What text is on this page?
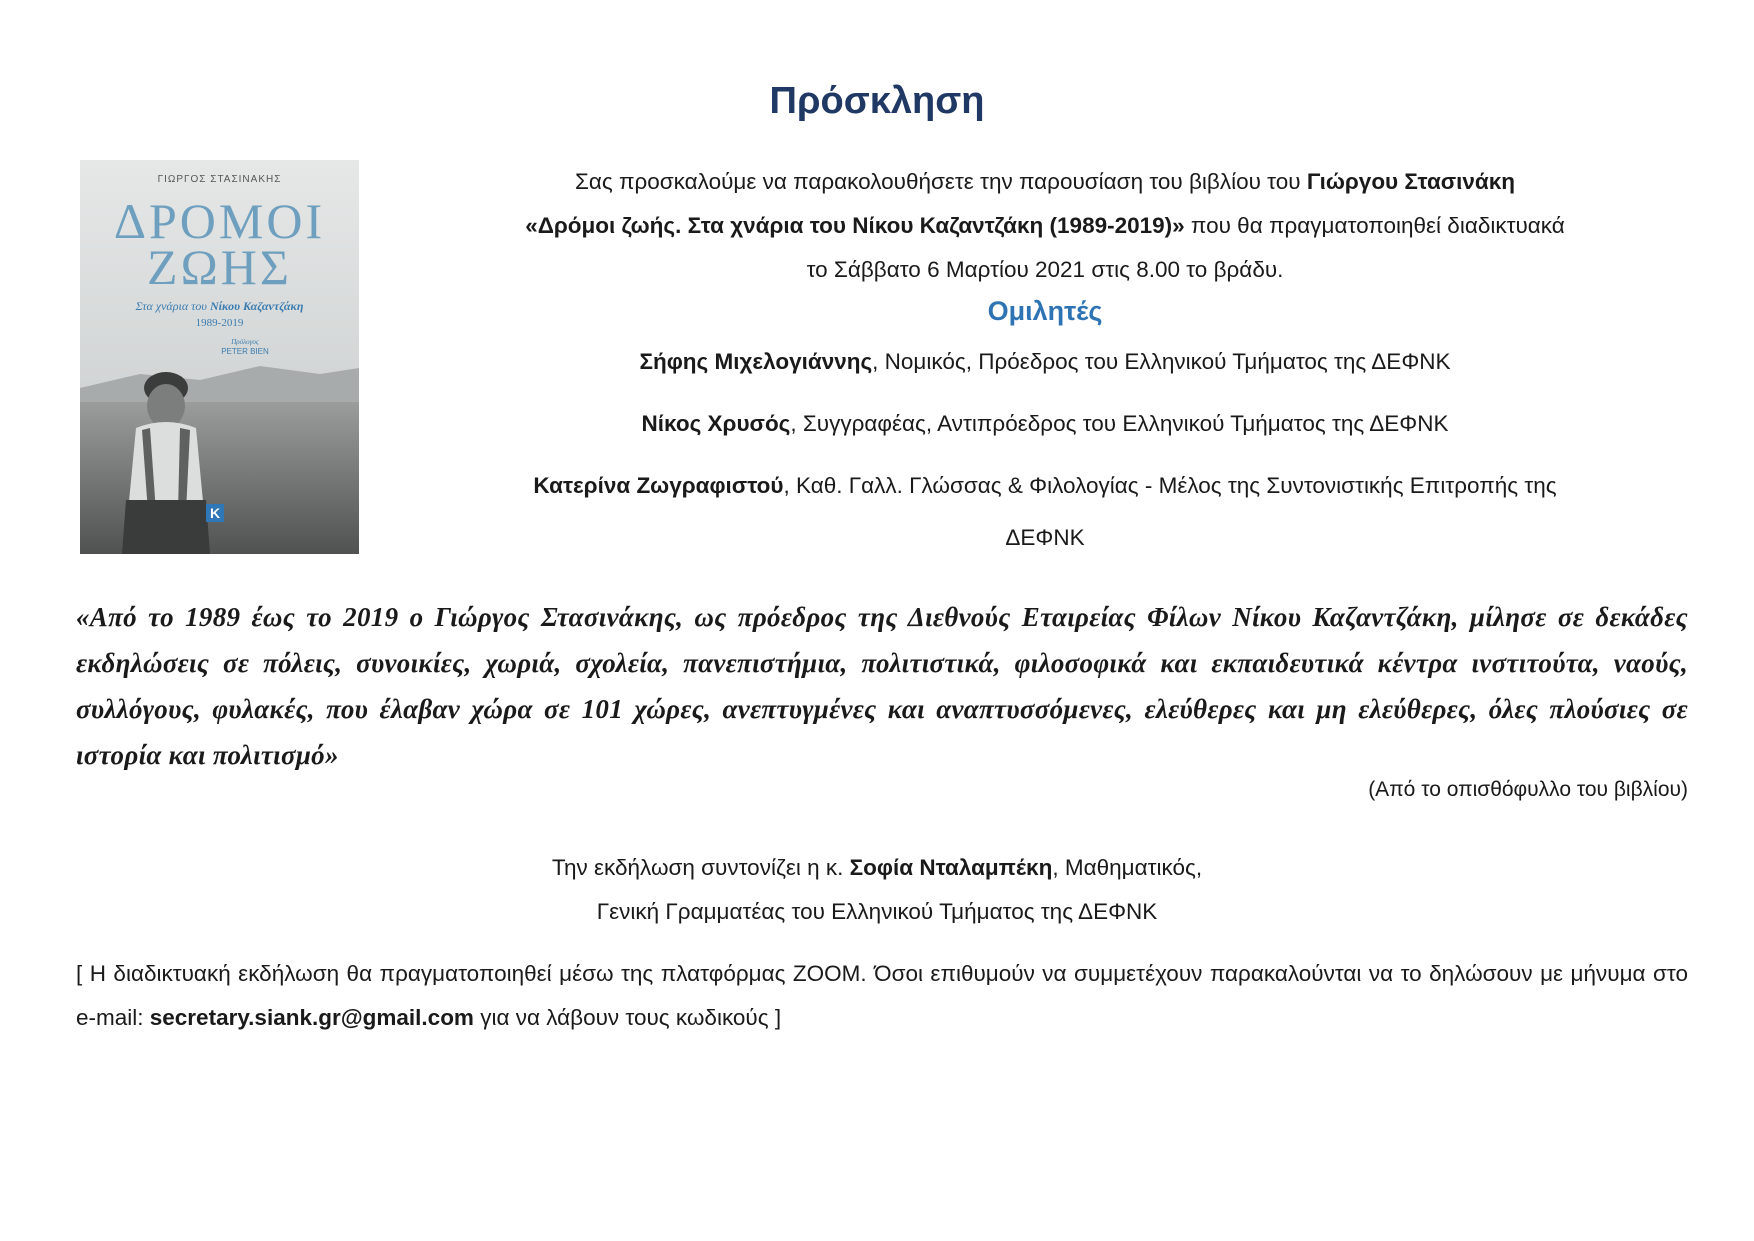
Πρόσκληση
ΓΙΩΡΓΟΣ ΣΤΑΣΙΝΑΚΗΣ
ΔΡΟΜΟΙ
ΖΩΗΣ
Στα χνάρια του Νίκου Καζαντζάκη
1989-2019
Πρόλογος
PETER BIEN
K
Σας προσκαλούμε να παρακολουθήσετε την παρουσίαση του βιβλίου του Γιώργου Στασινάκη
«Δρόμοι ζωής. Στα χνάρια του Νίκου Καζαντζάκη (1989-2019)» που θα πραγματοποιηθεί διαδικτυακά
το Σάββατο 6 Μαρτίου 2021 στις 8.00 το βράδυ.
Ομιλητές
Σήφης Μιχελογιάννης, Νομικός, Πρόεδρος του Ελληνικού Τμήματος της ΔΕΦΝΚ
Νίκος Χρυσός, Συγγραφέας, Αντιπρόεδρος του Ελληνικού Τμήματος της ΔΕΦΝΚ
Κατερίνα Ζωγραφιστού, Καθ. Γαλλ. Γλώσσας & Φιλολογίας - Μέλος της Συντονιστικής Επιτροπής της
ΔΕΦΝΚ
«Από το 1989 έως το 2019 ο Γιώργος Στασινάκης, ως πρόεδρος της Διεθνούς Εταιρείας Φίλων Νίκου Καζαντζάκη, μίλησε σε δεκάδες εκδηλώσεις σε πόλεις, συνοικίες, χωριά, σχολεία, πανεπιστήμια, πολιτιστικά, φιλοσοφικά και εκπαιδευτικά κέντρα ινστιτούτα, ναούς, συλλόγους, φυλακές, που έλαβαν χώρα σε 101 χώρες, ανεπτυγμένες και αναπτυσσόμενες, ελεύθερες και μη ελεύθερες, όλες πλούσιες σε ιστορία και πολιτισμό»
(Από το οπισθόφυλλο του βιβλίου)
Την εκδήλωση συντονίζει η κ. Σοφία Νταλαμπέκη, Μαθηματικός,
Γενική Γραμματέας του Ελληνικού Τμήματος της ΔΕΦΝΚ
[ Η διαδικτυακή εκδήλωση θα πραγματοποιηθεί μέσω της πλατφόρμας ZOOM. Όσοι επιθυμούν να συμμετέχουν παρακαλούνται να το δηλώσουν με μήνυμα στο e-mail: secretary.siank.gr@gmail.com για να λάβουν τους κωδικούς ]
